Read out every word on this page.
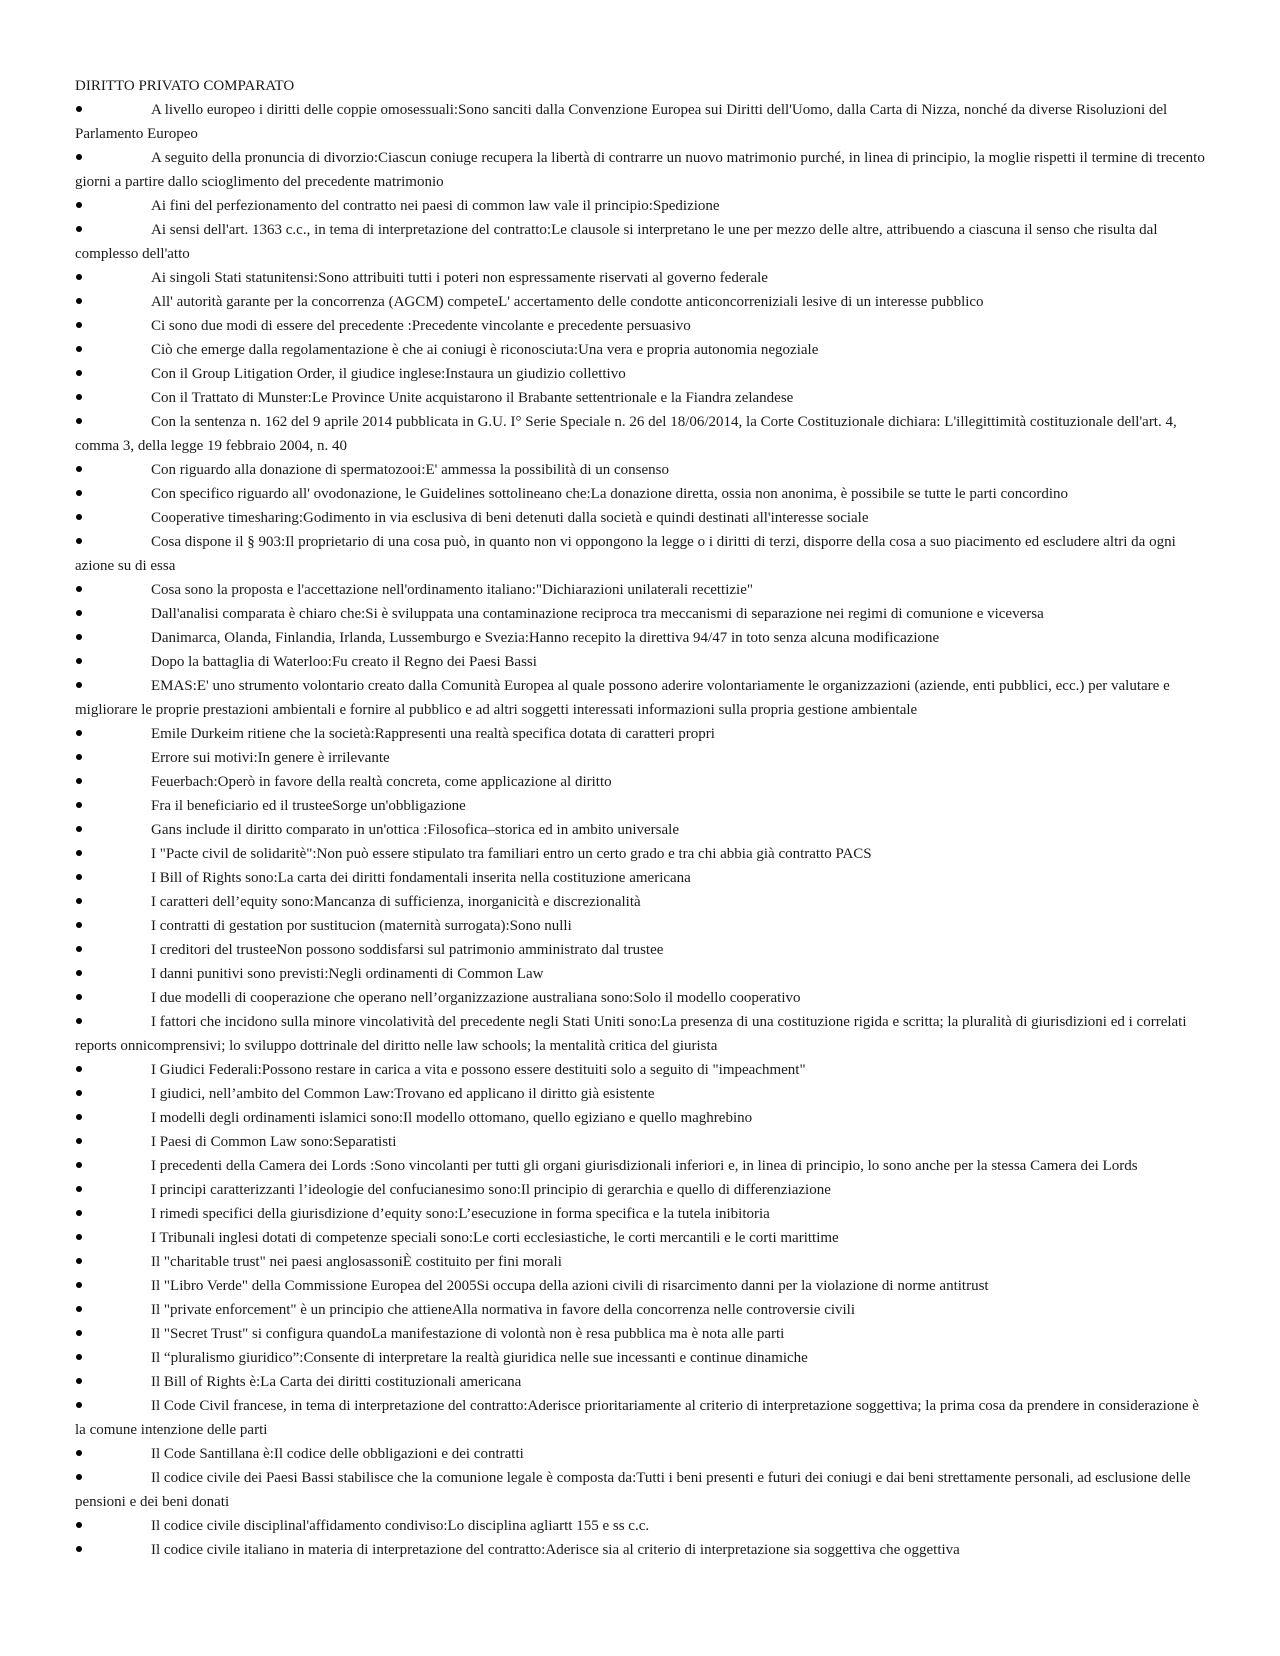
DIRITTO PRIVATO COMPARATO
A livello europeo i diritti delle coppie omosessuali:Sono sanciti dalla Convenzione Europea sui Diritti dell'Uomo, dalla Carta di Nizza, nonché da diverse Risoluzioni del Parlamento Europeo
A seguito della pronuncia di divorzio:Ciascun coniuge recupera la libertà di contrarre un nuovo matrimonio purché, in linea di principio, la moglie rispetti il termine di trecento giorni a partire dallo scioglimento del precedente matrimonio
Ai fini del perfezionamento del contratto nei paesi di common law vale il principio:Spedizione
Ai sensi dell'art. 1363 c.c., in tema di interpretazione del contratto:Le clausole si interpretano le une per mezzo delle altre, attribuendo a ciascuna il senso che risulta dal complesso dell'atto
Ai singoli Stati statunitensi:Sono attribuiti tutti i poteri non espressamente riservati al governo federale
All' autorità garante per la concorrenza (AGCM) competeL' accertamento delle condotte anticoncorreniziali lesive di un interesse pubblico
Ci sono due modi di essere del precedente :Precedente vincolante e precedente persuasivo
Ciò che emerge dalla regolamentazione è che ai coniugi è riconosciuta:Una vera e propria autonomia negoziale
Con il Group Litigation Order, il giudice inglese:Instaura un giudizio collettivo
Con il Trattato di Munster:Le Province Unite acquistarono il Brabante settentrionale e la Fiandra zelandese
Con la sentenza n. 162 del 9 aprile 2014 pubblicata in G.U. I° Serie Speciale n. 26 del 18/06/2014, la Corte Costituzionale dichiara: L'illegittimità costituzionale dell'art. 4, comma 3, della legge 19 febbraio 2004, n. 40
Con riguardo alla donazione di spermatozooi:E' ammessa la possibilità di un consenso
Con specifico riguardo all' ovodonazione, le Guidelines sottolineano che:La donazione diretta, ossia non anonima, è possibile se tutte le parti concordino
Cooperative timesharing:Godimento in via esclusiva di beni detenuti dalla società e quindi destinati all'interesse sociale
Cosa dispone il § 903:Il proprietario di una cosa può, in quanto non vi oppongono la legge o i diritti di terzi, disporre della cosa a suo piacimento ed escludere altri da ogni azione su di essa
Cosa sono la proposta e l'accettazione nell'ordinamento italiano:"Dichiarazioni unilaterali recettizie"
Dall'analisi comparata è chiaro che:Si è sviluppata una contaminazione reciproca tra meccanismi di separazione nei regimi di comunione e viceversa
Danimarca, Olanda, Finlandia, Irlanda, Lussemburgo e Svezia:Hanno recepito la direttiva 94/47 in toto senza alcuna modificazione
Dopo la battaglia di Waterloo:Fu creato il Regno dei Paesi Bassi
EMAS:E' uno strumento volontario creato dalla Comunità Europea al quale possono aderire volontariamente le organizzazioni (aziende, enti pubblici, ecc.) per valutare e migliorare le proprie prestazioni ambientali e fornire al pubblico e ad altri soggetti interessati informazioni sulla propria gestione ambientale
Emile Durkeim ritiene che la società:Rappresenti una realtà specifica dotata di caratteri propri
Errore sui motivi:In genere è irrilevante
Feuerbach:Operò in favore della realtà concreta, come applicazione al diritto
Fra il beneficiario ed il trusteeSorge un'obbligazione
Gans include il diritto comparato in un'ottica :Filosofica–storica ed in ambito universale
I "Pacte civil de solidaritè":Non può essere stipulato tra familiari entro un certo grado e tra chi abbia già contratto PACS
I Bill of Rights sono:La carta dei diritti fondamentali inserita nella costituzione americana
I caratteri dell’equity sono:Mancanza di sufficienza, inorganicità e discrezionalità
I contratti di gestation por sustitucion (maternità surrogata):Sono nulli
I creditori del trusteeNon possono soddisfarsi sul patrimonio amministrato dal trustee
I danni punitivi sono previsti:Negli ordinamenti di Common Law
I due modelli di cooperazione che operano nell’organizzazione australiana sono:Solo il modello cooperativo
I fattori che incidono sulla minore vincolatività del precedente negli Stati Uniti sono:La presenza di una costituzione rigida e scritta; la pluralità di giurisdizioni ed i correlati reports onnicomprensivi; lo sviluppo dottrinale del diritto nelle law schools; la mentalità critica del giurista
I Giudici Federali:Possono restare in carica a vita e possono essere destituiti solo a seguito di "impeachment"
I giudici, nell’ambito del Common Law:Trovano ed applicano il diritto già esistente
I modelli degli ordinamenti islamici sono:Il modello ottomano, quello egiziano e quello maghrebino
I Paesi di Common Law sono:Separatisti
I precedenti della Camera dei Lords :Sono vincolanti per tutti gli organi giurisdizionali inferiori e, in linea di principio, lo sono anche per la stessa Camera dei Lords
I principi caratterizzanti l’ideologie del confucianesimo sono:Il principio di gerarchia e quello di differenziazione
I rimedi specifici della giurisdizione d’equity sono:L’esecuzione in forma specifica e la tutela inibitoria
I Tribunali inglesi dotati di competenze speciali sono:Le corti ecclesiastiche, le corti mercantili e le corti marittime
Il "charitable trust" nei paesi anglosassoniÈ costituito per fini morali
Il "Libro Verde" della Commissione Europea del 2005Si occupa della azioni civili di risarcimento danni per la violazione di norme antitrust
Il "private enforcement" è un principio che attieneAlla normativa in favore della concorrenza nelle controversie civili
Il "Secret Trust" si configura quandoLa manifestazione di volontà non è resa pubblica ma è nota alle parti
Il “pluralismo giuridico”:Consente di interpretare la realtà giuridica nelle sue incessanti e continue dinamiche
Il Bill of Rights è:La Carta dei diritti costituzionali americana
Il Code Civil francese, in tema di interpretazione del contratto:Aderisce prioritariamente al criterio di interpretazione soggettiva; la prima cosa da prendere in considerazione è la comune intenzione delle parti
Il Code Santillana è:Il codice delle obbligazioni e dei contratti
Il codice civile dei Paesi Bassi stabilisce che la comunione legale è composta da:Tutti i beni presenti e futuri dei coniugi e dai beni strettamente personali, ad esclusione delle pensioni e dei beni donati
Il codice civile disciplinal'affidamento condiviso:Lo disciplina agliartt 155 e ss c.c.
Il codice civile italiano in materia di interpretazione del contratto:Aderisce sia al criterio di interpretazione sia soggettiva che oggettiva
